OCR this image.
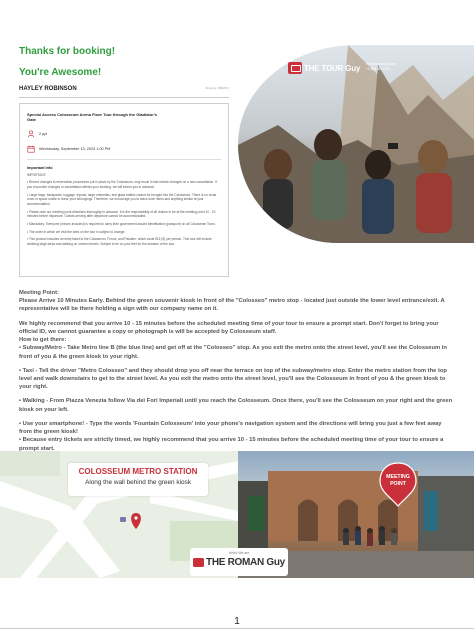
Thanks for booking!
You're Awesome!
HAYLEY ROBINSON	Booking: BBE870
Special Access Colosseum Arena Floor Tour through the Gladiator's Gate
2 ppl
Wednesday, September 13, 2023 1:00 PM
Important Info

IMPORTANT:

• Recent changes to reservation procedures put in place by the Colosseum, may result in last minute changes on a new cancellation. If you encounter changes or cancellation affects your booking, we will inform you in advance.

• Large bags, backpacks, luggage, tripods, large umbrellas, and glass bottles cannot be brought into the Colosseum. There is no cloak room or space onsite to leave your belongings. Therefore, we encourage you to leave such items and anything similar at your accommodation.

• Please note our meeting point directions thoroughly in advance. It is the responsibility of all visitors to be at the meeting point 10 - 15 minutes before departure. Guests arriving after departure cannot be accommodated.

• Mandatory: Everyone (minors included) is required to carry their government-issued identification (passport) on all Colosseum Tours.

• The order in which we visit the sites on the tour is subject to change.

• This product includes an entry ticket to the Colosseum, Forum, and Palatine, which costs €16 (€) per person. This tour will include climbing large steps and walking on uneven terrain. Subject to be on your feet for the duration of the tour.

THE TOUR Guy info@thetourguy.com
+1 888 555 0199

Meeting Point:

Please Arrive 10 Minutes Early. Behind the green souvenir kiosk in front of the "Colosseo" metro stop - located just outside the lower level entrance/exit. A representative will be there holding a sign with our company name on it.

We highly recommend that you arrive 10 - 15 minutes before the scheduled meeting time of your tour to ensure a prompt start. Don't forget to bring your official ID, we cannot guarantee a copy or photograph is will be accepted by Colosseum staff.

How to get there:

• Subway/Metro - Take Metro line B (the blue line) and get off at the "Colosseo" stop. As you exit the metro onto the street level, you'll see the Colosseum in front of you & the green kiosk to your right.

• Taxi - Tell the driver "Metro Colosseo" and they should drop you off near the terrace on top of the subway/metro stop. Enter the metro station from the top level and walk downstairs to get to the street level. As you exit the metro onto the street level, you'll see the Colosseum in front of you & the green kiosk to your right.

• Walking - From Piazza Venezia follow Via dei Fori Imperiali until you reach the Colosseum. Once there, you'll see the Colosseum on your right and the green kiosk on your left.

• Use your smartphone! - Type the words 'Fountain Colosseum' into your phone's navigation system and the directions will bring you just a few feet away from the green kiosk!

• Because entry tickets are strictly timed, we highly recommend that you arrive 10 - 15 minutes before the scheduled meeting time of your tour to ensure a prompt start.

COLOSSEUM METRO STATION
Along the wall behind the green kiosk
Hello! We are
THE ROMAN Guy
MEETING POINT
1
